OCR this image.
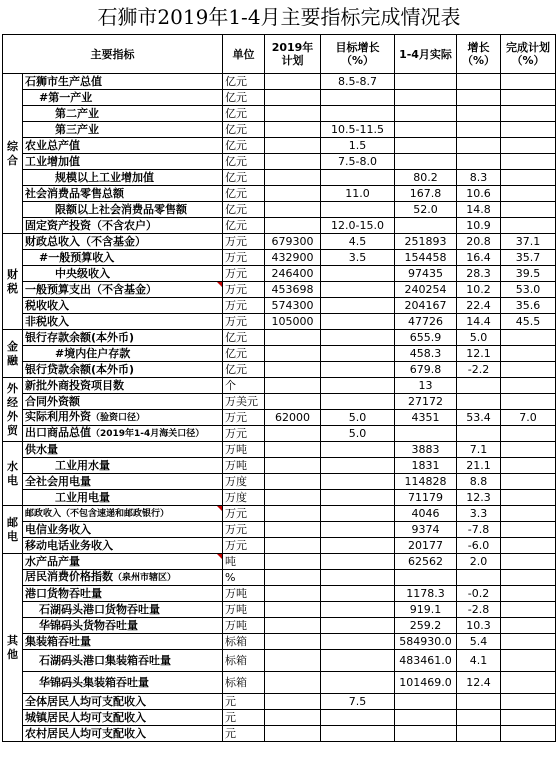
石狮市2019年1-4月主要指标完成情况表
主要指标		单位	2019年计划	目标增长（%）	1-4月实际	增长（%）	完成计划（%）
综合	石狮市生产总值	亿元		8.5-8.7			
	#第一产业	亿元					
	第二产业	亿元					
	第三产业	亿元		10.5-11.5			
	农业总产值	亿元		1.5			
	工业增加值	亿元		7.5-8.0			
	规模以上工业增加值	亿元			80.2	8.3	
	社会消费品零售总额	亿元		11.0	167.8	10.6	
	限额以上社会消费品零售额	亿元			52.0	14.8	
	固定资产投资（不含农户）	亿元		12.0-15.0		10.9	
财税	财政总收入（不含基金）	万元	679300	4.5	251893	20.8	37.1
	#一般预算收入	万元	432900	3.5	154458	16.4	35.7
	中央级收入	万元	246400		97435	28.3	39.5
	一般预算支出（不含基金）	万元	453698		240254	10.2	53.0
	税收收入	万元	574300		204167	22.4	35.6
	非税收入	万元	105000		47726	14.4	45.5
金融	银行存款余额(本外币)	亿元			655.9	5.0	
	#境内住户存款	亿元			458.3	12.1	
	银行贷款余额(本外币)	亿元			679.8	-2.2	
外经外贸	新批外商投资项目数	个			13		
	合同外资额	万美元			27172		
	实际利用外资（验资口径）	万元	62000	5.0	4351	53.4	7.0
	出口商品总值（2019年1-4月海关口径）	万元		5.0			
水电	供水量	万吨			3883	7.1	
	工业用水量	万吨			1831	21.1	
	全社会用电量	万度			114828	8.8	
	工业用电量	万度			71179	12.3	
邮电	邮政收入（不包含速递和邮政银行）	万元			4046	3.3	
	电信业务收入	万元			9374	-7.8	
	移动电话业务收入	万元			20177	-6.0	
其他	水产品产量	吨			62562	2.0	
	居民消费价格指数（泉州市辖区）	%					
	港口货物吞吐量	万吨			1178.3	-0.2	
	石湖码头港口货物吞吐量	万吨			919.1	-2.8	
	华锦码头货物吞吐量	万吨			259.2	10.3	
	集装箱吞吐量	标箱			584930.0	5.4	
	石湖码头港口集装箱吞吐量	标箱			483461.0	4.1	
	华锦码头集装箱吞吐量	标箱			101469.0	12.4	
	全体居民人均可支配收入	元		7.5			
	城镇居民人均可支配收入	元					
	农村居民人均可支配收入	元					
